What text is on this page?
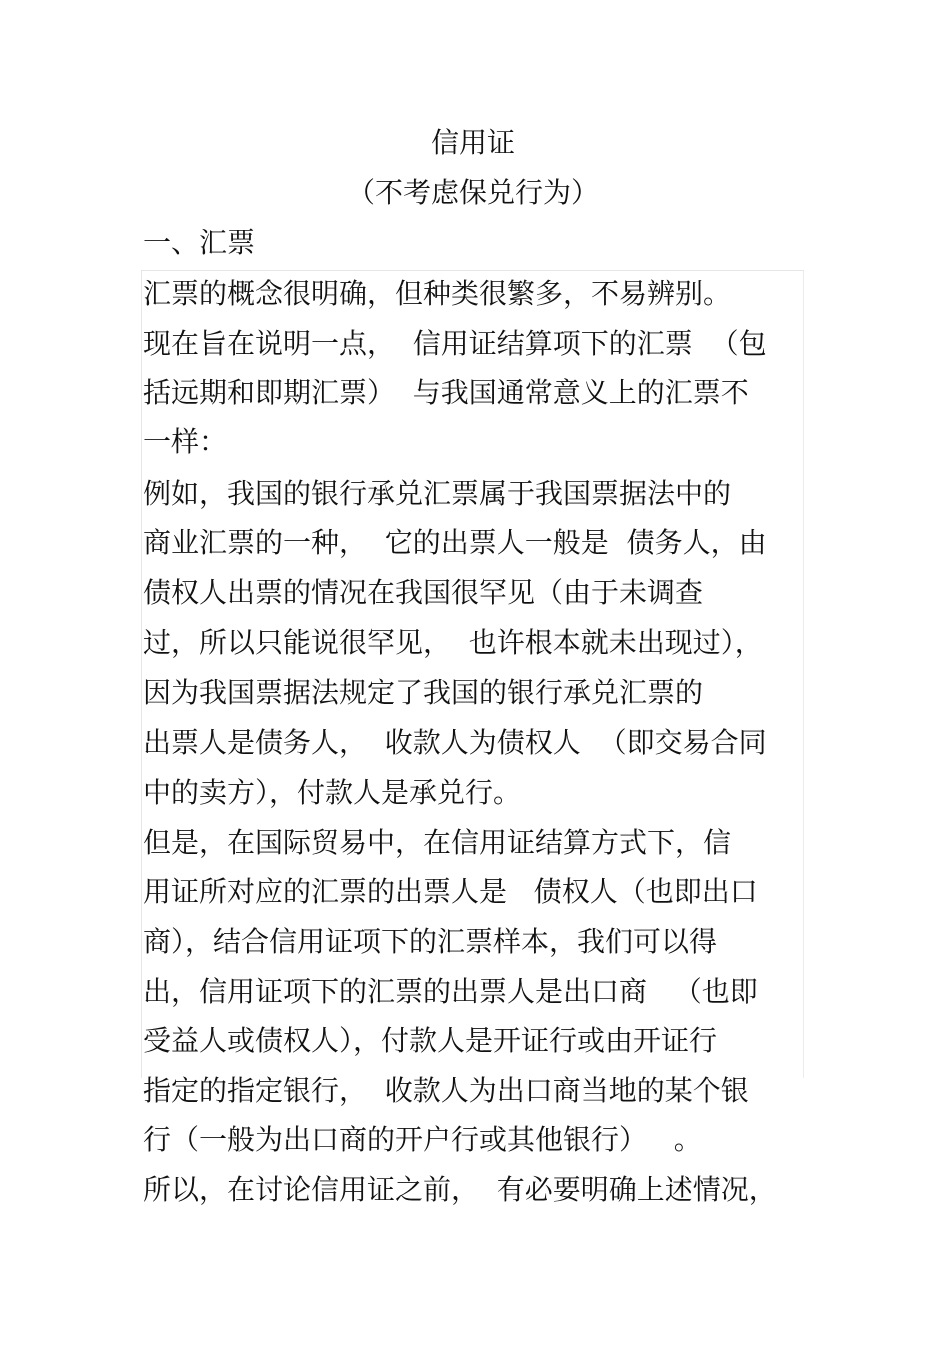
信用证
（不考虑保兑行为）
一、汇票
汇票的概念很明确，但种类很繁多，不易辨别。
现在旨在说明一点，  信用证结算项下的汇票  （包
括远期和即期汇票）  与我国通常意义上的汇票不
一样：
例如，我国的银行承兑汇票属于我国票据法中的
商业汇票的一种，  它的出票人一般是  债务人，由
债权人出票的情况在我国很罕见（由于未调查
过，所以只能说很罕见，  也许根本就未出现过），
因为我国票据法规定了我国的银行承兑汇票的
出票人是债务人，  收款人为债权人  （即交易合同
中的卖方），付款人是承兑行。
但是，在国际贸易中，在信用证结算方式下，信
用证所对应的汇票的出票人是   债权人（也即出口
商），结合信用证项下的汇票样本，我们可以得
出，信用证项下的汇票的出票人是出口商   （也即
受益人或债权人），付款人是开证行或由开证行
指定的指定银行，  收款人为出口商当地的某个银
行（一般为出口商的开户行或其他银行）   。
所以，在讨论信用证之前，  有必要明确上述情况，
